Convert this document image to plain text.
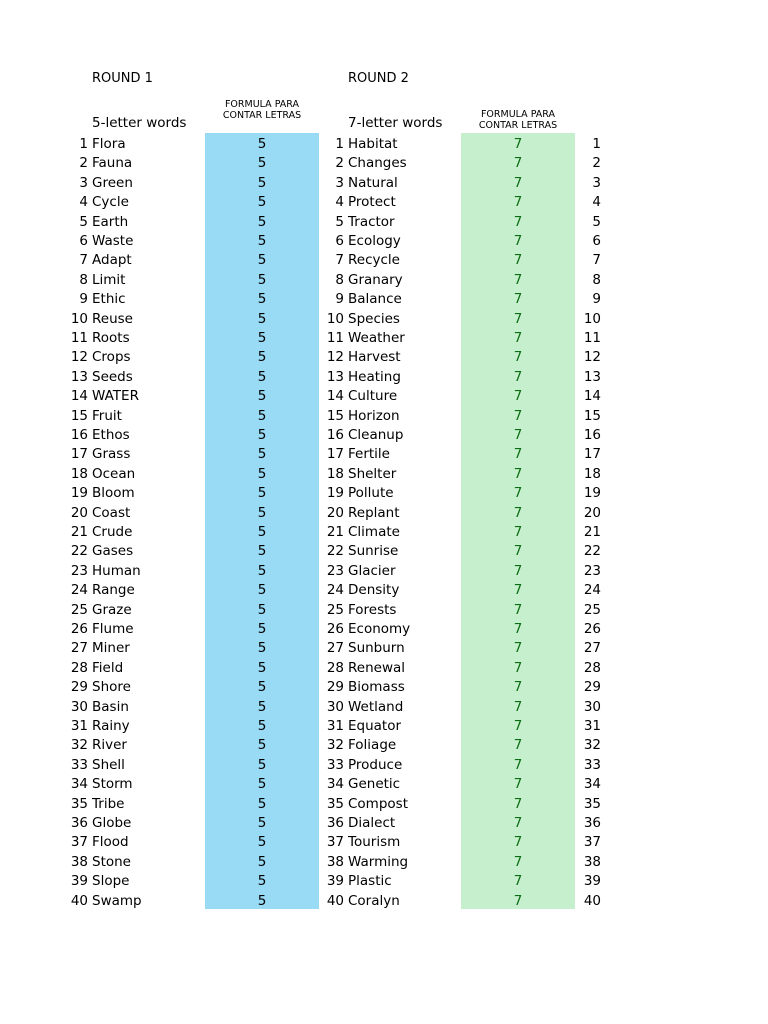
ROUND 1	ROUND 2
FORMULA PARA
CONTAR LETRAS	FORMULA PARA
CONTAR LETRAS
5-letter words	7-letter words
1 Flora	5	1 Habitat	7	1
2 Fauna	5	2 Changes	7	2
3 Green	5	3 Natural	7	3
4 Cycle	5	4 Protect	7	4
5 Earth	5	5 Tractor	7	5
6 Waste	5	6 Ecology	7	6
7 Adapt	5	7 Recycle	7	7
8 Limit	5	8 Granary	7	8
9 Ethic	5	9 Balance	7	9
10 Reuse	5	10 Species	7	10
11 Roots	5	11 Weather	7	11
12 Crops	5	12 Harvest	7	12
13 Seeds	5	13 Heating	7	13
14 WATER	5	14 Culture	7	14
15 Fruit	5	15 Horizon	7	15
16 Ethos	5	16 Cleanup	7	16
17 Grass	5	17 Fertile	7	17
18 Ocean	5	18 Shelter	7	18
19 Bloom	5	19 Pollute	7	19
20 Coast	5	20 Replant	7	20
21 Crude	5	21 Climate	7	21
22 Gases	5	22 Sunrise	7	22
23 Human	5	23 Glacier	7	23
24 Range	5	24 Density	7	24
25 Graze	5	25 Forests	7	25
26 Flume	5	26 Economy	7	26
27 Miner	5	27 Sunburn	7	27
28 Field	5	28 Renewal	7	28
29 Shore	5	29 Biomass	7	29
30 Basin	5	30 Wetland	7	30
31 Rainy	5	31 Equator	7	31
32 River	5	32 Foliage	7	32
33 Shell	5	33 Produce	7	33
34 Storm	5	34 Genetic	7	34
35 Tribe	5	35 Compost	7	35
36 Globe	5	36 Dialect	7	36
37 Flood	5	37 Tourism	7	37
38 Stone	5	38 Warming	7	38
39 Slope	5	39 Plastic	7	39
40 Swamp	5	40 Coralyn	7	40
